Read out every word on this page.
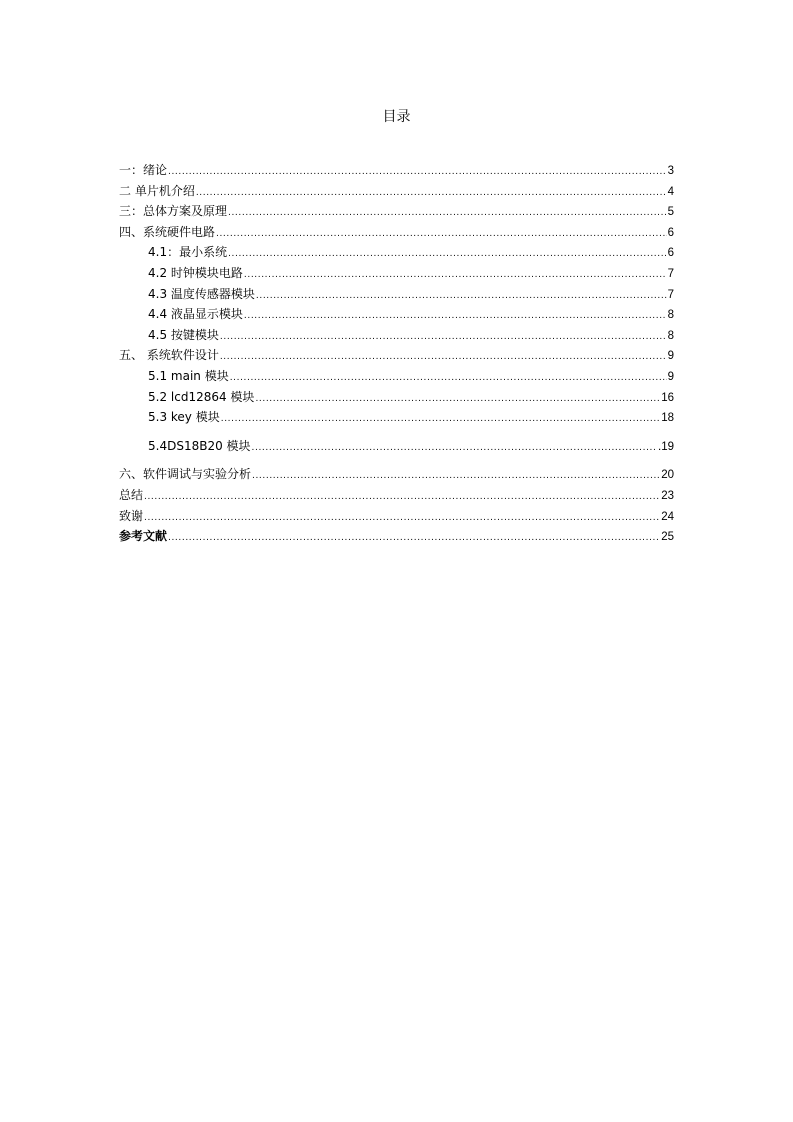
目录
一：绪论 .....	3
二 单片机介绍 .....	4
三：总体方案及原理 .....	5
四、系统硬件电路 .....	6
4.1：最小系统 .....	6
4.2 时钟模块电路 .....	7
4.3 温度传感器模块 .....	7
4.4 液晶显示模块 .....	8
4.5 按键模块 .....	8
五、 系统软件设计 .....	9
5.1 main 模块 .....	9
5.2 lcd12864 模块 .....	16
5.3 key 模块 .....	18
5.4DS18B20 模块 .....	.19
六、软件调试与实验分析 .....	20
总结 .....	23
致谢 .....	24
参考文献 .....	25
